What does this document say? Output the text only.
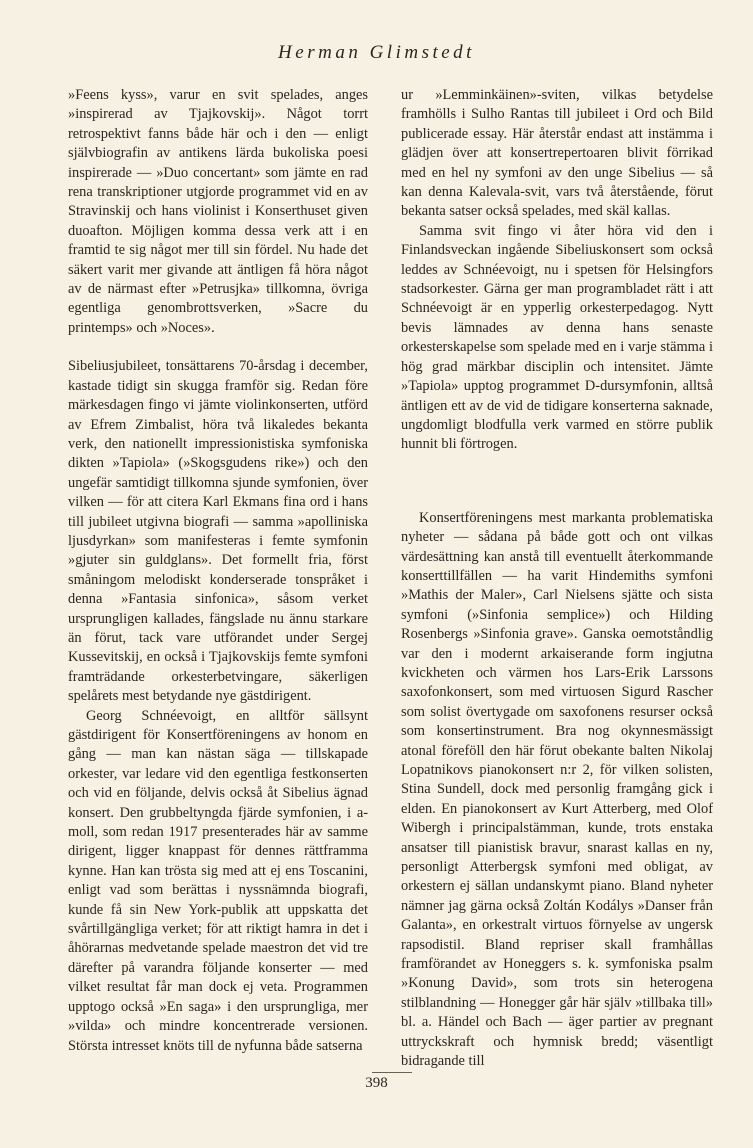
Herman Glimstedt

»Feens kyss», varur en svit spelades, anges »inspirerad av Tjajkovskij». Något torrt retrospektivt fanns både här och i den — enligt självbiografin av antikens lärda bukoliska poesi inspirerade — »Duo concertant» som jämte en rad rena transkriptioner utgjorde programmet vid en av Stravinskij och hans violinist i Konserthuset given duoafton. Möjligen komma dessa verk att i en framtid te sig något mer till sin fördel. Nu hade det säkert varit mer givande att äntligen få höra något av de närmast efter »Petrusjka» tillkomna, övriga egentliga genombrottsverken, »Sacre du printemps» och »Noces».

Sibeliusjubileet, tonsättarens 70-årsdag i december, kastade tidigt sin skugga framför sig. Redan före märkesdagen fingo vi jämte violinkonserten, utförd av Efrem Zimbalist, höra två likaledes bekanta verk, den nationellt impressionistiska symfoniska dikten »Tapiola» (»Skogsgudens rike») och den ungefär samtidigt tillkomna sjunde symfonien, över vilken — för att citera Karl Ekmans fina ord i hans till jubileet utgivna biografi — samma »apolliniska ljusdyrkan» som manifesteras i femte symfonin »gjuter sin guldglans». Det formellt fria, först småningom melodiskt konderserade tonspråket i denna »Fantasia sinfonica», såsom verket ursprungligen kallades, fängslade nu ännu starkare än förut, tack vare utförandet under Sergej Kussevitskij, en också i Tjajkovskijs femte symfoni framträdande orkesterbetvingare, säkerligen spelårets mest betydande nye gästdirigent.

Georg Schnéevoigt, en alltför sällsynt gästdirigent för Konsertföreningens av honom en gång — man kan nästan säga — tillskapade orkester, var ledare vid den egentliga festkonserten och vid en följande, delvis också åt Sibelius ägnad konsert. Den grubbeltyngda fjärde symfonien, i a-moll, som redan 1917 presenterades här av samme dirigent, ligger knappast för dennes rättframma kynne. Han kan trösta sig med att ej ens Toscanini, enligt vad som berättas i nyssnämnda biografi, kunde få sin New York-publik att uppskatta det svårtillgängliga verket; för att riktigt hamra in det i åhörarnas medvetande spelade maestron det vid tre därefter på varandra följande konserter — med vilket resultat får man dock ej veta. Programmen upptogo också »En saga» i den ursprungliga, mer »vilda» och mindre koncentrerade versionen. Största intresset knöts till de nyfunna både satserna

ur »Lemminkäinen»-sviten, vilkas betydelse framhölls i Sulho Rantas till jubileet i Ord och Bild publicerade essay. Här återstår endast att instämma i glädjen över att konsertrepertoaren blivit förrikad med en hel ny symfoni av den unge Sibelius — så kan denna Kalevala-svit, vars två återstående, förut bekanta satser också spelades, med skäl kallas.

Samma svit fingo vi åter höra vid den i Finlandsveckan ingående Sibeliuskonsert som också leddes av Schnéevoigt, nu i spetsen för Helsingfors stadsorkester. Gärna ger man programbladet rätt i att Schnéevoigt är en ypperlig orkesterpedagog. Nytt bevis lämnades av denna hans senaste orkesterskapelse som spelade med en i varje stämma i hög grad märkbar disciplin och intensitet. Jämte »Tapiola» upptog programmet D-dursymfonin, alltså äntligen ett av de vid de tidigare konserterna saknade, ungdomligt blodfulla verk varmed en större publik hunnit bli förtrogen.

Konsertföreningens mest markanta problematiska nyheter — sådana på både gott och ont vilkas värdesättning kan anstå till eventuellt återkommande konserttillfällen — ha varit Hindemiths symfoni »Mathis der Maler», Carl Nielsens sjätte och sista symfoni (»Sinfonia semplice») och Hilding Rosenbergs »Sinfonia grave». Ganska oemotståndlig var den i modernt arkaiserande form ingjutna kvickheten och värmen hos Lars-Erik Larssons saxofonkonsert, som med virtuosen Sigurd Rascher som solist övertygade om saxofonens resurser också som konsertinstrument. Bra nog okynnesmässigt atonal föreföll den här förut obekante balten Nikolaj Lopatnikovs pianokonsert n:r 2, för vilken solisten, Stina Sundell, dock med personlig framgång gick i elden. En pianokonsert av Kurt Atterberg, med Olof Wibergh i principalstämman, kunde, trots enstaka ansatser till pianistisk bravur, snarast kallas en ny, personligt Atterbergsk symfoni med obligat, av orkestern ej sällan undanskymt piano. Bland nyheter nämner jag gärna också Zoltán Kodálys »Danser från Galanta», en orkestralt virtuos förnyelse av ungersk rapsodistil. Bland repriser skall framhållas framförandet av Honeggers s. k. symfoniska psalm »Konung David», som trots sin heterogena stilblandning — Honegger går här själv »tillbaka till» bl. a. Händel och Bach — äger partier av pregnant uttryckskraft och hymnisk bredd; väsentligt bidragande till

398
